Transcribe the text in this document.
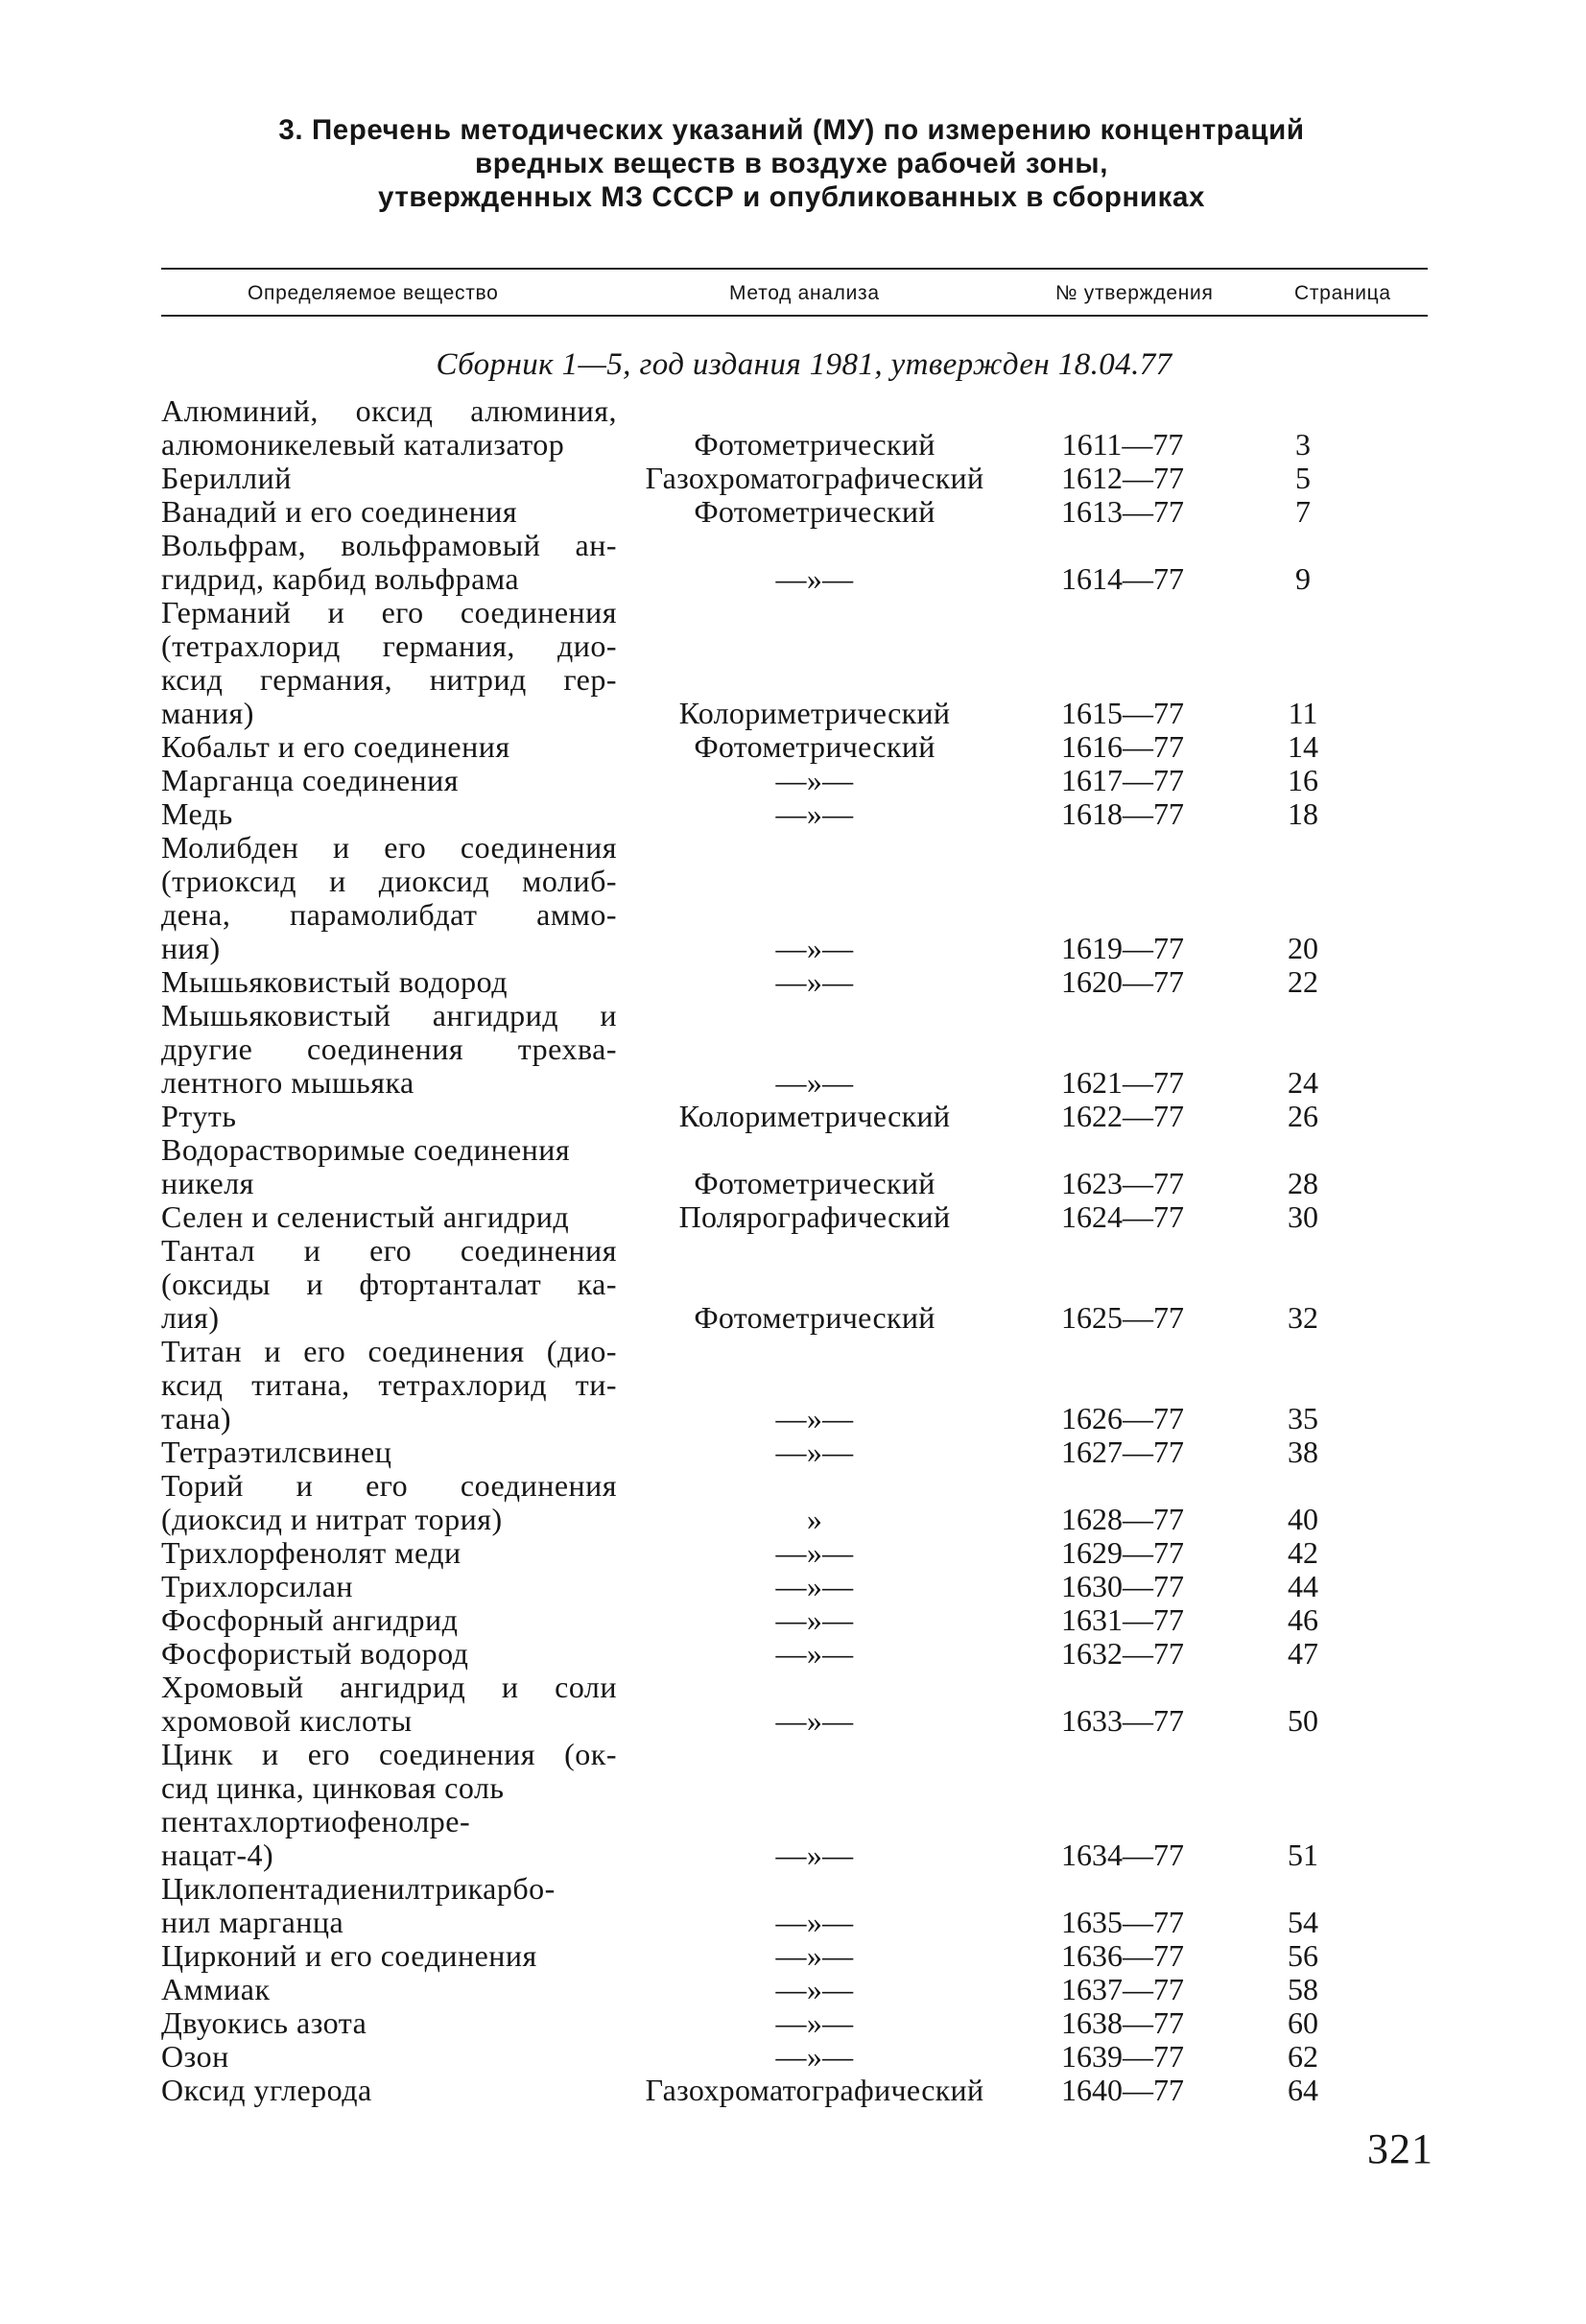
3. Перечень методических указаний (МУ) по измерению концентраций
вредных веществ в воздухе рабочей зоны,
утвержденных МЗ СССР и опубликованных в сборниках
Определяемое вещество	Метод анализа	№ утверждения	Страница
Сборник 1—5, год издания 1981, утвержден 18.04.77
Алюминий, оксид алюминия,
алюмоникелевый катализатор	Фотометрический	1611—77	3
Бериллий	Газохроматографический	1612—77	5
Ванадий и его соединения	Фотометрический	1613—77	7
Вольфрам, вольфрамовый ан-
гидрид, карбид вольфрама	—»—	1614—77	9
Германий и его соединения
(тетрахлорид германия, дио-
ксид германия, нитрид гер-
мания)	Колориметрический	1615—77	11
Кобальт и его соединения	Фотометрический	1616—77	14
Марганца соединения	—»—	1617—77	16
Медь	—»—	1618—77	18
Молибден и его соединения
(триоксид и диоксид молиб-
дена, парамолибдат аммо-
ния)	—»—	1619—77	20
Мышьяковистый водород	—»—	1620—77	22
Мышьяковистый ангидрид и
другие соединения трехва-
лентного мышьяка	—»—	1621—77	24
Ртуть	Колориметрический	1622—77	26
Водорастворимые соединения
никеля	Фотометрический	1623—77	28
Селен и селенистый ангидрид	Полярографический	1624—77	30
Тантал и его соединения
(оксиды и фтортанталат ка-
лия)	Фотометрический	1625—77	32
Титан и его соединения (дио-
ксид титана, тетрахлорид ти-
тана)	—»—	1626—77	35
Тетраэтилсвинец	—»—	1627—77	38
Торий и его соединения
(диоксид и нитрат тория)	»	1628—77	40
Трихлорфенолят меди	—»—	1629—77	42
Трихлорсилан	—»—	1630—77	44
Фосфорный ангидрид	—»—	1631—77	46
Фосфористый водород	—»—	1632—77	47
Хромовый ангидрид и соли
хромовой кислоты	—»—	1633—77	50
Цинк и его соединения (ок-
сид цинка, цинковая соль
пентахлортиофенолре-
нацат-4)	—»—	1634—77	51
Циклопентадиенилтрикарбо-
нил марганца	—»—	1635—77	54
Цирконий и его соединения	—»—	1636—77	56
Аммиак	—»—	1637—77	58
Двуокись азота	—»—	1638—77	60
Озон	—»—	1639—77	62
Оксид углерода	Газохроматографический	1640—77	64
321
